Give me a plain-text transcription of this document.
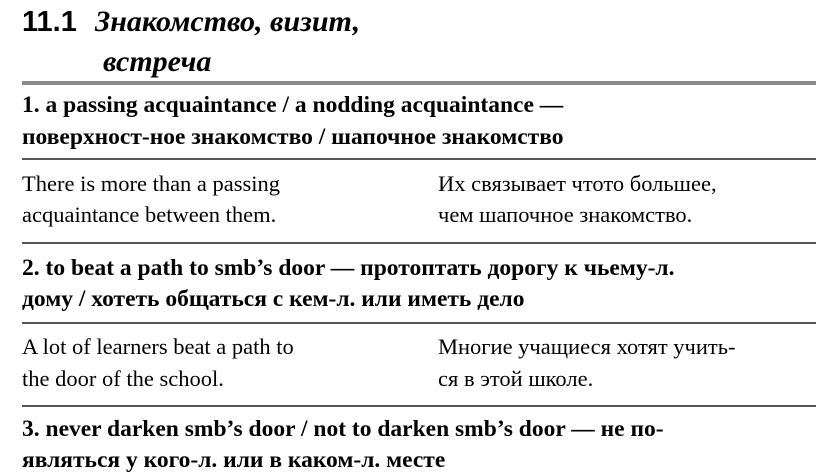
11.1 Знакомство, визит,
встреча
1. a passing acquaintance / a nodding acquaintance —
поверхност-ное знакомство / шапочное знакомство
There is more than a passing
acquaintance between them.
Их связывает чтото большее,
чем шапочное знакомство.
2. to beat a path to smb’s door — протоптать дорогу к чьему-л.
дому / хотеть общаться с кем-л. или иметь дело
A lot of learners beat a path to
the door of the school.
Многие учащиеся хотят учить-
ся в этой школе.
3. never darken smb’s door / not to darken smb’s door — не по-
являться у кого-л. или в каком-л. месте
